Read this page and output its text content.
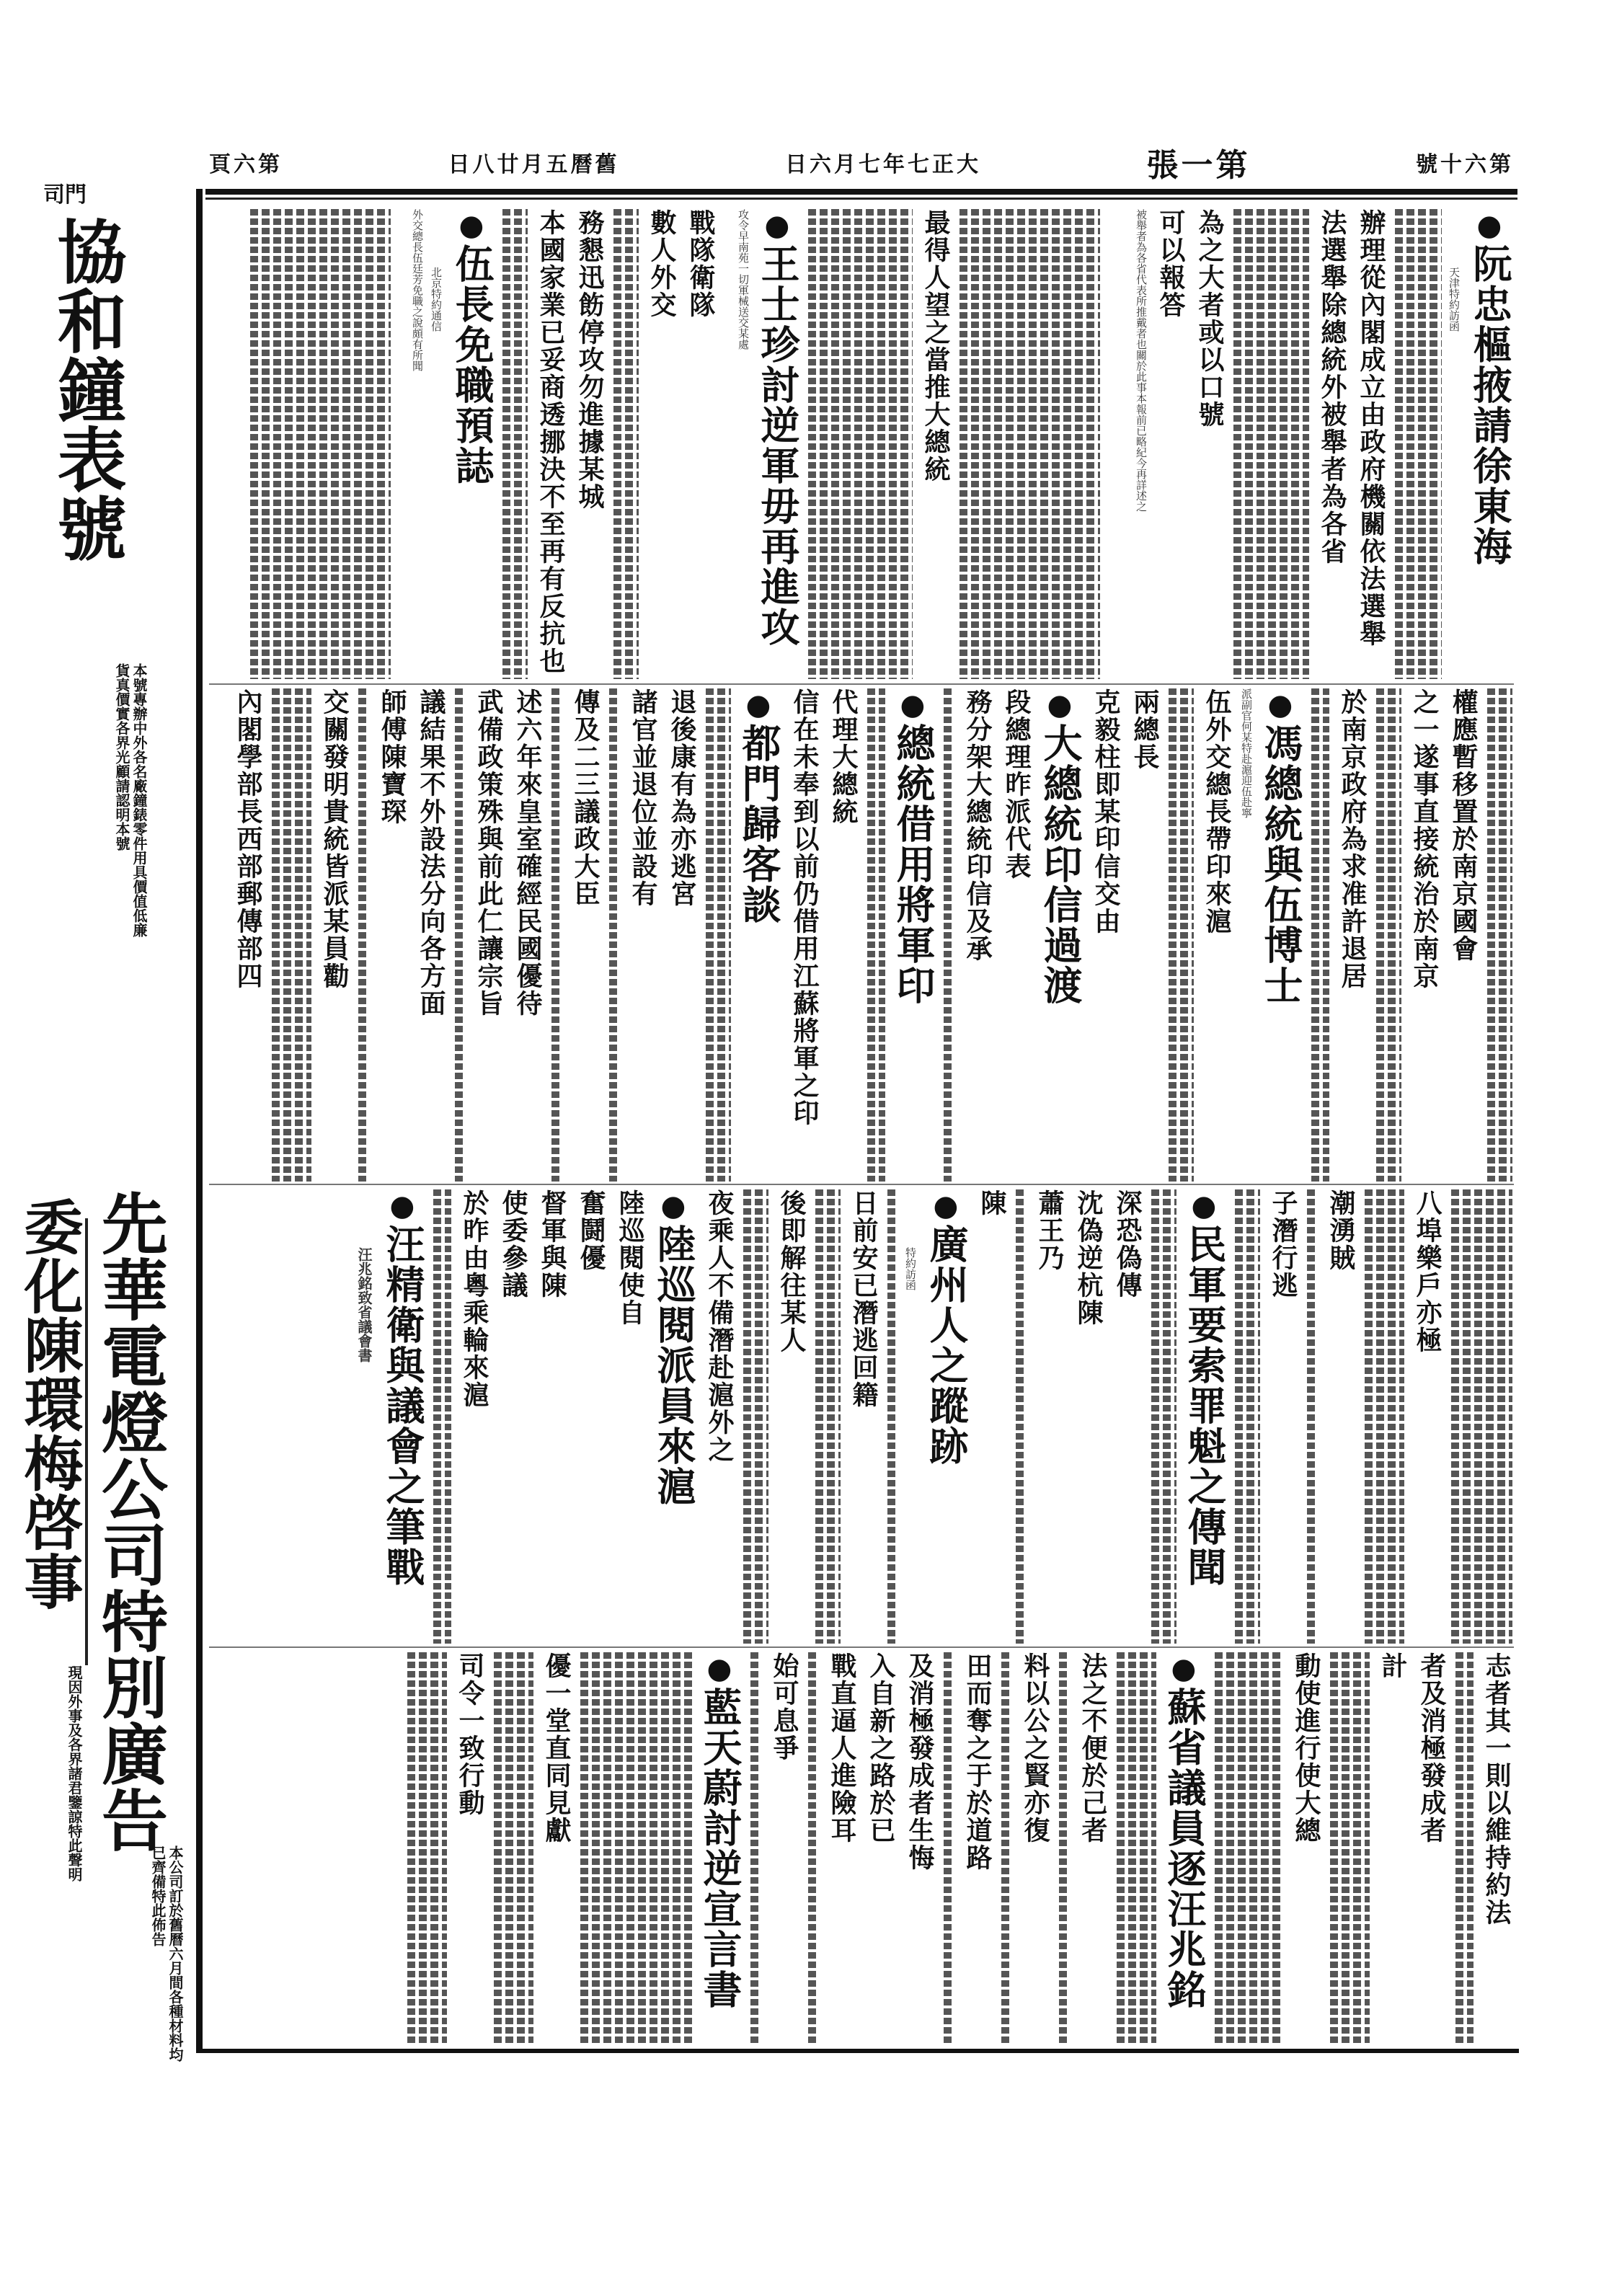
第六十號
第一張
大正七年七月六日
舊曆五月廿八日
第六頁
● 阮忠樞掖請徐東海
天津特約訪函
辦理從內閣成立由政府機關依法選舉
法選舉除總統外被舉者為各省
為之大者或以口號
可以報答
被舉者為各省代表所推戴者也關於此事本報前已略紀今再詳述之
最得人望之當推大總統
● 王士珍討逆軍毋再進攻
攻令早南苑一切軍械送交某處
戰隊衛隊
數人外交
務懇迅飭停攻勿進據某城
本國家業已妥商透挪決不至再有反抗也
● 伍長免職預誌
北京特約通信
外交總長伍廷芳免職之說頗有所聞
權應暫移置於南京國會
之一遂事直接統治於南京
於南京政府為求准許退居
● 馮總統與伍博士
派副官何某特赴滬迎伍赴寧
伍外交總長帶印來滬
兩總長
克毅柱即某印信交由
● 大總統印信過渡
段總理昨派代表
務分架大總統印信及承
● 總統借用將軍印
代理大總統
信在未奉到以前仍借用江蘇將軍之印
● 都門歸客談
退後康有為亦逃宮
諸官並退位並設有
傳及二三議政大臣
述六年來皇室確經民國優待
武備政策殊與前此仁讓宗旨
議結果不外設法分向各方面
師傅陳寶琛
交關發明貴統皆派某員勸
內閣學部長西部郵傳部四
八埠樂戶亦極
潮湧賊
子潛行逃
● 民軍要索罪魁之傳聞
深恐偽傳
沈偽逆杭陳
蕭王乃
陳
● 廣州人之蹤跡
特約訪函
日前安已潛逃回籍
後即解往某人
夜乘人不備潛赴滬外之
● 陸巡閱派員來滬
陸巡閱使自
奮鬪優
督軍與陳
使委參議
於昨由粵乘輪來滬
● 汪精衛與議會之筆戰
汪兆銘致省議會書
志者其一則以維持約法
者及消極發成者
計
動使進行使大總
● 蘇省議員逐汪兆銘
法之不便於己者
料以公之賢亦復
田而奪之于於道路
及消極發成者生悔
入自新之路於已
戰直逼人進險耳
始可息爭
● 藍天蔚討逆宣言書
優一堂直同見獻
司令一致行動
門司
協和鐘表號
本號專辦中外各名廠鐘錶零件用具價值低廉貨真價實各界光顧請認明本號
先華電燈公司特別廣告
委化陳環梅啓事
本公司訂於舊曆六月間各種材料均已齊備特此佈告
現因外事及各界諸君鑒諒特此聲明
